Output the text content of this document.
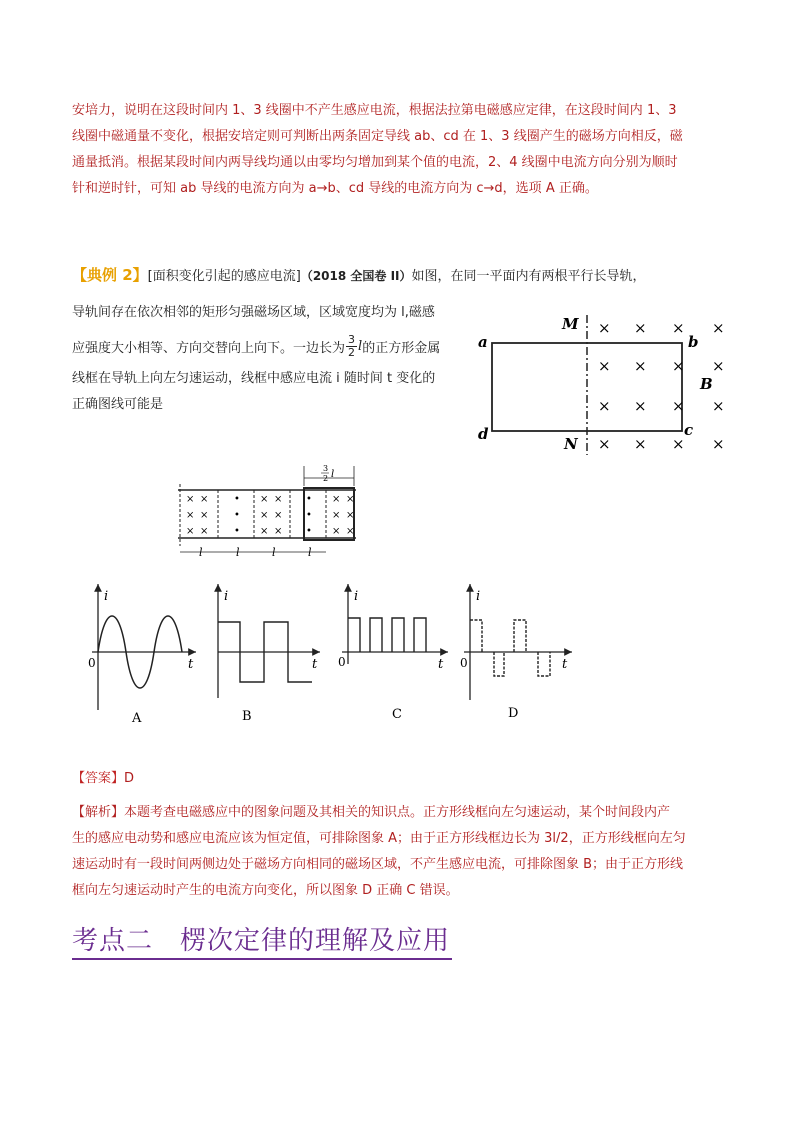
安培力，说明在这段时间内 1、3 线圈中不产生感应电流，根据法拉第电磁感应定律，在这段时间内 1、3
线圈中磁通量不变化，根据安培定则可判断出两条固定导线 ab、cd 在 1、3 线圈产生的磁场方向相反，磁
通量抵消。根据某段时间内两导线均通以由零均匀增加到某个值的电流，2、4 线圈中电流方向分别为顺时
针和逆时针，可知 ab 导线的电流方向为 a→b、cd 导线的电流方向为 c→d，选项 A 正确。
【典例 2】[面积变化引起的感应电流]（2018 全国卷 II）如图，在同一平面内有两根平行长导轨，
导轨间存在依次相邻的矩形匀强磁场区域，区域宽度均为 l,磁感
应强度大小相等、方向交替向上向下。一边长为 $\frac{3}{2}$ l 的正方形金属
线框在导轨上向左匀速运动，线框中感应电流 i 随时间 t 变化的
正确图线可能是
M
N
a	b
c
d
B
× × × ×
× × × ×
× × × ×
× × × ×
× ×
× ×
× ×
•
•
•
× ×
× ×
× ×
•
•
•
× ×
× ×
× ×
3
2 l
l	l	l	l
i
t
0
A
i
t
B
i
t
0
C
i
t
0
D
【答案】D
【解析】本题考查电磁感应中的图象问题及其相关的知识点。正方形线框向左匀速运动，某个时间段内产
生的感应电动势和感应电流应该为恒定值，可排除图象 A；由于正方形线框边长为 3l/2，正方形线框向左匀
速运动时有一段时间两侧边处于磁场方向相同的磁场区域，不产生感应电流，可排除图象 B；由于正方形线
框向左匀速运动时产生的电流方向变化，所以图象 D 正确 C 错误。
考点二　楞次定律的理解及应用
